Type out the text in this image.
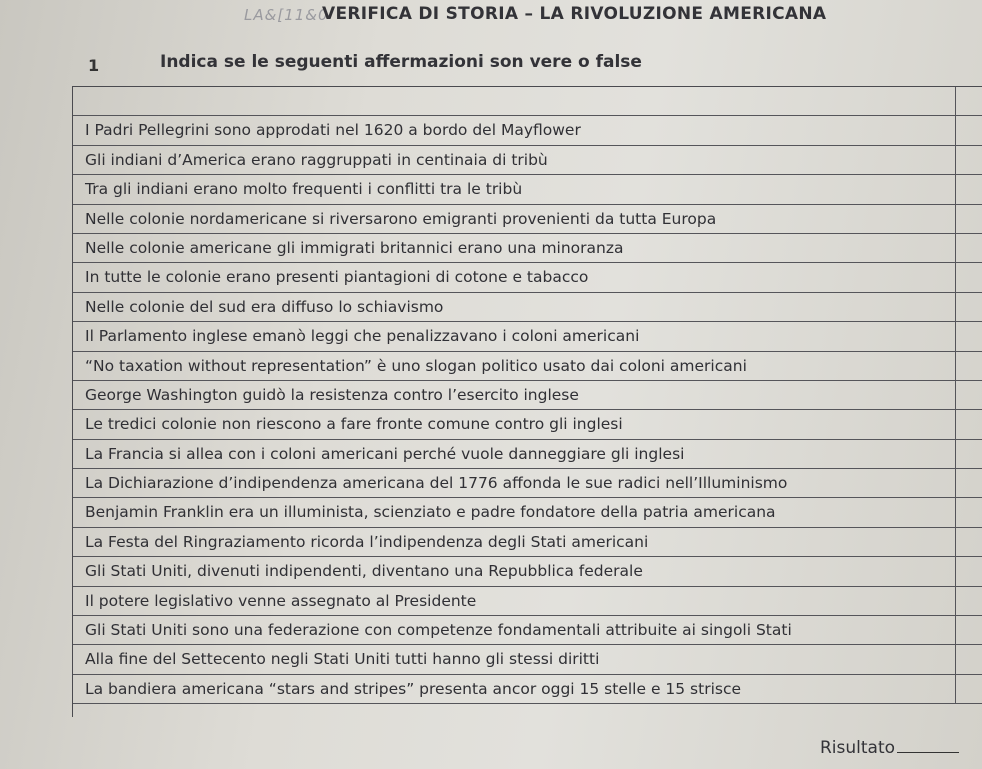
LA&[11&0
VERIFICA DI STORIA – LA RIVOLUZIONE AMERICANA
1	Indica se le seguenti affermazioni son vere o false
I Padri Pellegrini sono approdati nel 1620 a bordo del Mayflower
Gli indiani d’America erano raggruppati in centinaia di tribù
Tra gli indiani erano molto frequenti i conflitti tra le tribù
Nelle colonie nordamericane si riversarono emigranti provenienti da tutta Europa
Nelle colonie americane gli immigrati britannici erano una minoranza
In tutte le colonie erano presenti piantagioni di cotone e tabacco
Nelle colonie del sud era diffuso lo schiavismo
Il Parlamento inglese emanò leggi che penalizzavano i coloni americani
“No taxation without representation” è uno slogan politico usato dai coloni americani
George Washington guidò la resistenza contro l’esercito inglese
Le tredici colonie non riescono a fare fronte comune contro gli inglesi
La Francia si allea con i coloni americani perché vuole danneggiare gli inglesi
La Dichiarazione d’indipendenza americana del 1776 affonda le sue radici nell’Illuminismo
Benjamin Franklin era un illuminista, scienziato e padre fondatore della patria americana
La Festa del Ringraziamento ricorda l’indipendenza degli Stati americani
Gli Stati Uniti, divenuti indipendenti, diventano una Repubblica federale
Il potere legislativo venne assegnato al Presidente
Gli Stati Uniti sono una federazione con competenze fondamentali attribuite ai singoli Stati
Alla fine del Settecento negli Stati Uniti tutti hanno gli stessi diritti
La bandiera americana “stars and stripes” presenta ancor oggi 15 stelle e 15 strisce
Risultato
